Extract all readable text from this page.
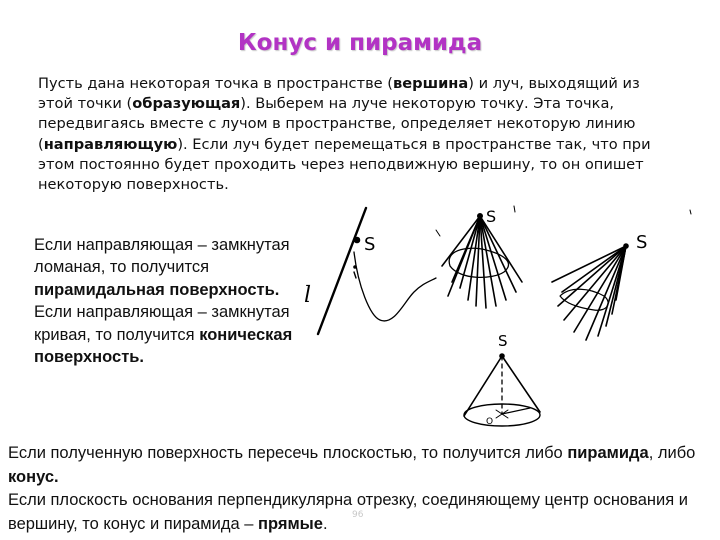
Конус и пирамида
Пусть дана некоторая точка в пространстве (вершина) и луч, выходящий из этой точки (образующая). Выберем на луче некоторую точку. Эта точка, передвигаясь вместе с лучом в пространстве, определяет некоторую линию (направляющую). Если луч будет перемещаться в пространстве так, что при этом постоянно будет проходить через неподвижную вершину, то он опишет некоторую поверхность.
Если направляющая – замкнутая ломаная, то получится пирамидальная поверхность.
Если направляющая – замкнутая кривая, то получится коническая поверхность.
S
S
S
S
l
O
Если полученную поверхность пересечь плоскостью, то получится либо пирамида, либо конус.
Если плоскость основания перпендикулярна отрезку, соединяющему центр основания и вершину, то конус и пирамида – прямые.	96
